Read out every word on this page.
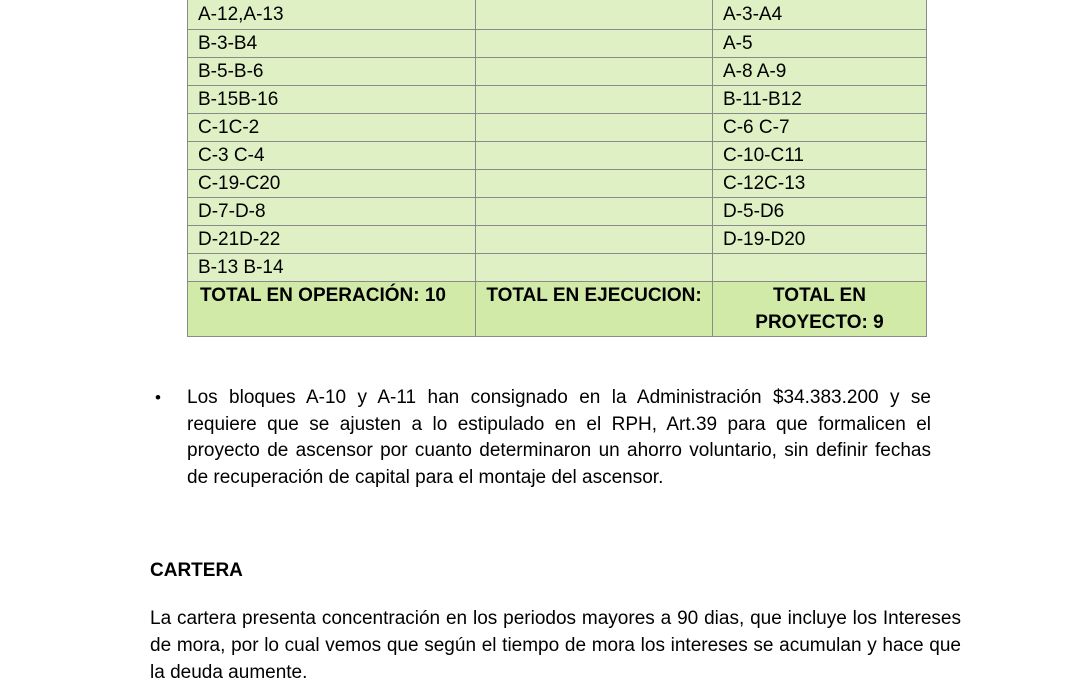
A-12,A-13		A-3-A4
B-3-B4		A-5
B-5-B-6		A-8 A-9
B-15B-16		B-11-B12
C-1C-2		C-6 C-7
C-3 C-4		C-10-C11
C-19-C20		C-12C-13
D-7-D-8		D-5-D6
D-21D-22		D-19-D20
B-13 B-14		
TOTAL EN OPERACIÓN: 10	TOTAL EN EJECUCION:	TOTAL EN PROYECTO: 9
•	Los bloques A-10 y A-11 han consignado en la Administración $34.383.200 y se requiere que se ajusten a lo estipulado en el RPH, Art.39 para que formalicen el proyecto de ascensor por cuanto determinaron un ahorro voluntario, sin definir fechas de recuperación de capital para el montaje del ascensor.
CARTERA
La cartera presenta concentración en los periodos mayores a 90 dias, que incluye los Intereses de mora, por lo cual vemos que según el tiempo de mora los intereses se acumulan y hace que la deuda aumente.
